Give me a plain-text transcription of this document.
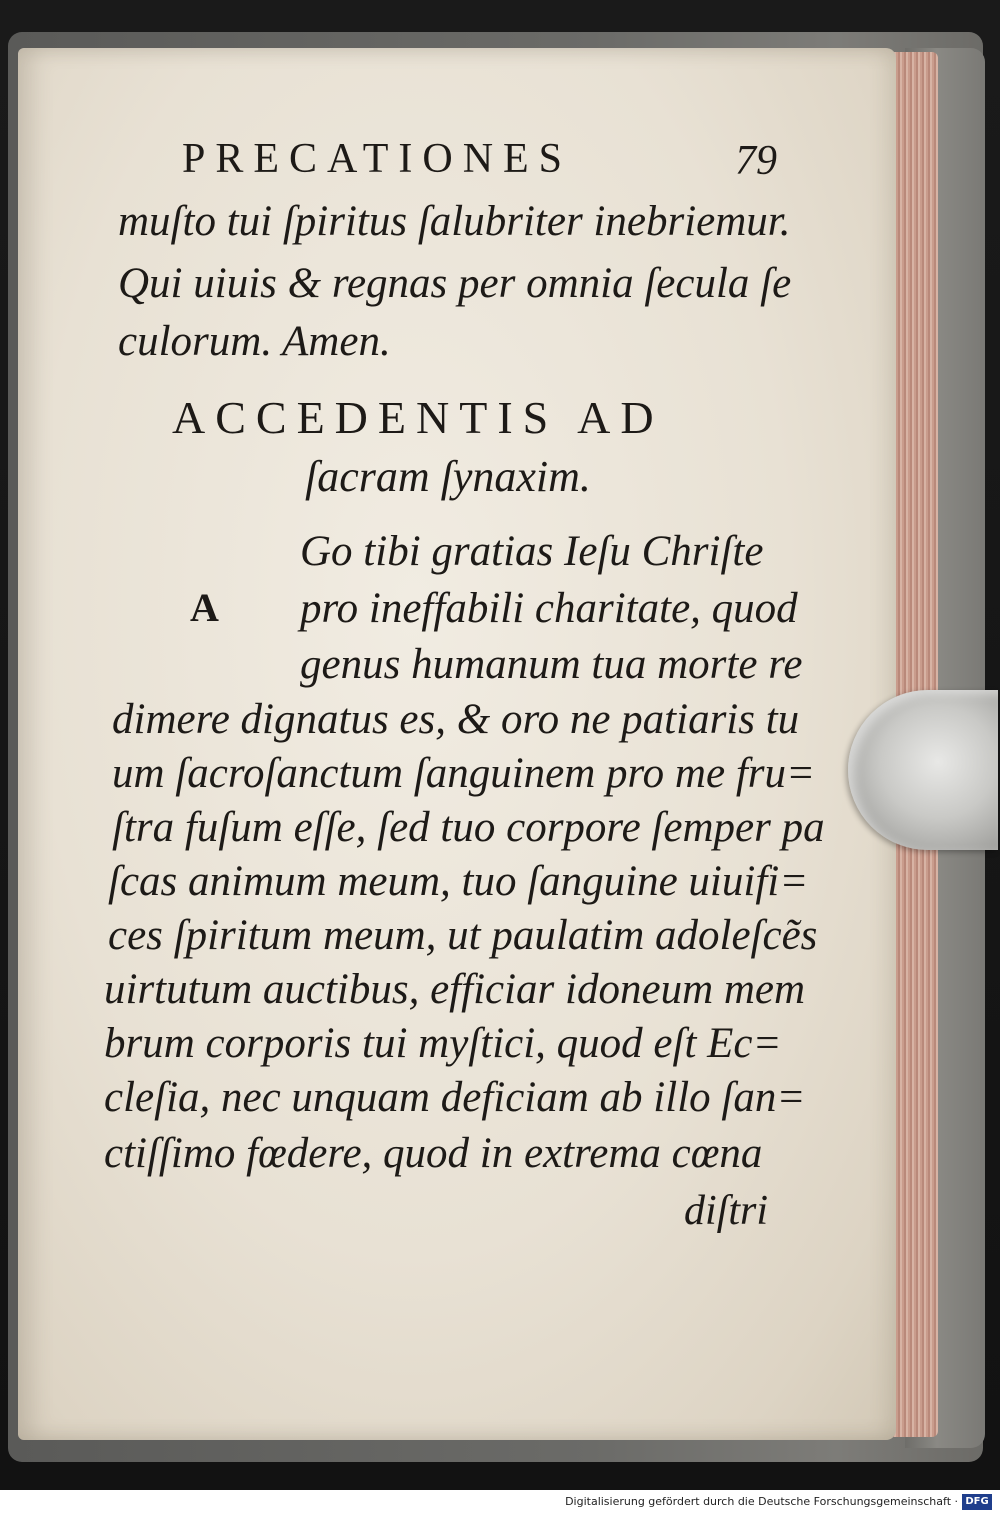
PRECATIONES	79
muſto tui ſpiritus ſalubriter inebriemur.
Qui uiuis & regnas per omnia ſecula ſe
culorum. Amen.
ACCEDENTIS AD
ſacram ſynaxim.
A
Go tibi gratias Ieſu Chriſte
pro ineffabili charitate, quod
genus humanum tua morte re
dimere dignatus es, & oro ne patiaris tu
um ſacroſanctum ſanguinem pro me fru=
ſtra fuſum eſſe, ſed tuo corpore ſemper pa
ſcas animum meum, tuo ſanguine uiuifi=
ces ſpiritum meum, ut paulatim adoleſcẽs
uirtutum auctibus, efficiar idoneum mem
brum corporis tui myſtici, quod eſt Ec=
cleſia, nec unquam deficiam ab illo ſan=
ctiſſimo fœdere, quod in extrema cœna
diſtri
Digitalisierung gefördert durch die Deutsche Forschungsgemeinschaft · DFG
